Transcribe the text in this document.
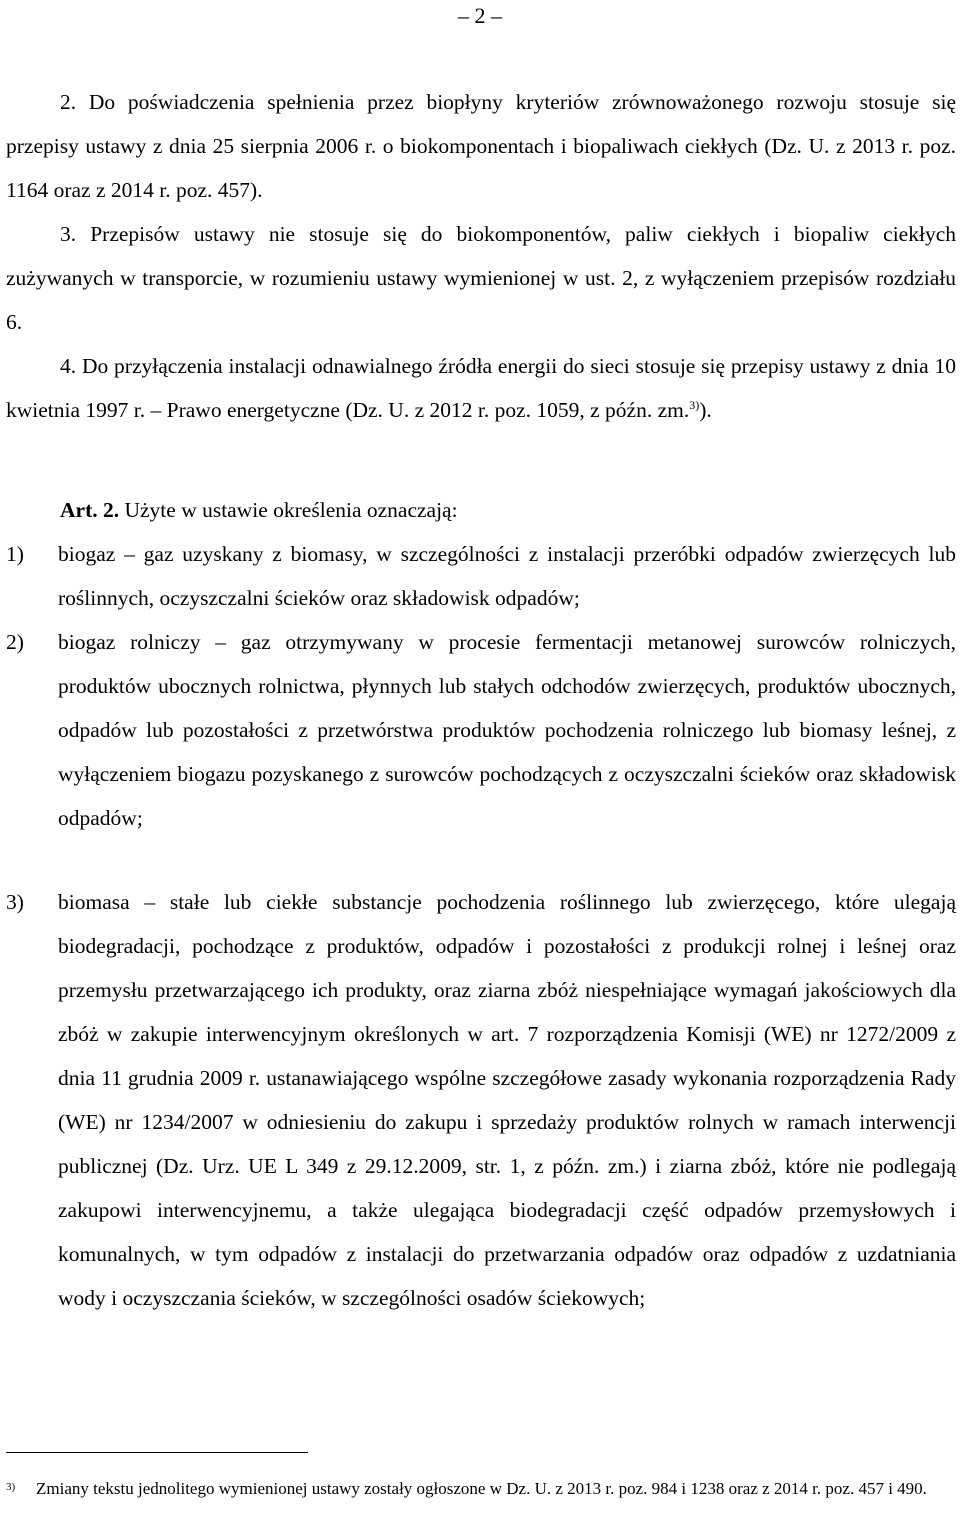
– 2 –

2. Do poświadczenia spełnienia przez biopłyny kryteriów zrównoważonego rozwoju stosuje się przepisy ustawy z dnia 25 sierpnia 2006 r. o biokomponentach i biopaliwach ciekłych (Dz. U. z 2013 r. poz. 1164 oraz z 2014 r. poz. 457).

3. Przepisów ustawy nie stosuje się do biokomponentów, paliw ciekłych i biopaliw ciekłych zużywanych w transporcie, w rozumieniu ustawy wymienionej w ust. 2, z wyłączeniem przepisów rozdziału 6.

4. Do przyłączenia instalacji odnawialnego źródła energii do sieci stosuje się przepisy ustawy z dnia 10 kwietnia 1997 r. – Prawo energetyczne (Dz. U. z 2012 r. poz. 1059, z późn. zm.$^{3)}$).

Art. 2. Użyte w ustawie określenia oznaczają:

1)	biogaz – gaz uzyskany z biomasy, w szczególności z instalacji przeróbki odpadów zwierzęcych lub roślinnych, oczyszczalni ścieków oraz składowisk odpadów;
2)	biogaz rolniczy – gaz otrzymywany w procesie fermentacji metanowej surowców rolniczych, produktów ubocznych rolnictwa, płynnych lub stałych odchodów zwierzęcych, produktów ubocznych, odpadów lub pozostałości z przetwórstwa produktów pochodzenia rolniczego lub biomasy leśnej, z wyłączeniem biogazu pozyskanego z surowców pochodzących z oczyszczalni ścieków oraz składowisk odpadów;
3)	biomasa – stałe lub ciekłe substancje pochodzenia roślinnego lub zwierzęcego, które ulegają biodegradacji, pochodzące z produktów, odpadów i pozostałości z produkcji rolnej i leśnej oraz przemysłu przetwarzającego ich produkty, oraz ziarna zbóż niespełniające wymagań jakościowych dla zbóż w zakupie interwencyjnym określonych w art. 7 rozporządzenia Komisji (WE) nr 1272/2009 z dnia 11 grudnia 2009 r. ustanawiającego wspólne szczegółowe zasady wykonania rozporządzenia Rady (WE) nr 1234/2007 w odniesieniu do zakupu i sprzedaży produktów rolnych w ramach interwencji publicznej (Dz. Urz. UE L 349 z 29.12.2009, str. 1, z późn. zm.) i ziarna zbóż, które nie podlegają zakupowi interwencyjnemu, a także ulegająca biodegradacji część odpadów przemysłowych i komunalnych, w tym odpadów z instalacji do przetwarzania odpadów oraz odpadów z uzdatniania wody i oczyszczania ścieków, w szczególności osadów ściekowych;
3) Zmiany tekstu jednolitego wymienionej ustawy zostały ogłoszone w Dz. U. z 2013 r. poz. 984 i 1238 oraz z 2014 r. poz. 457 i 490.
